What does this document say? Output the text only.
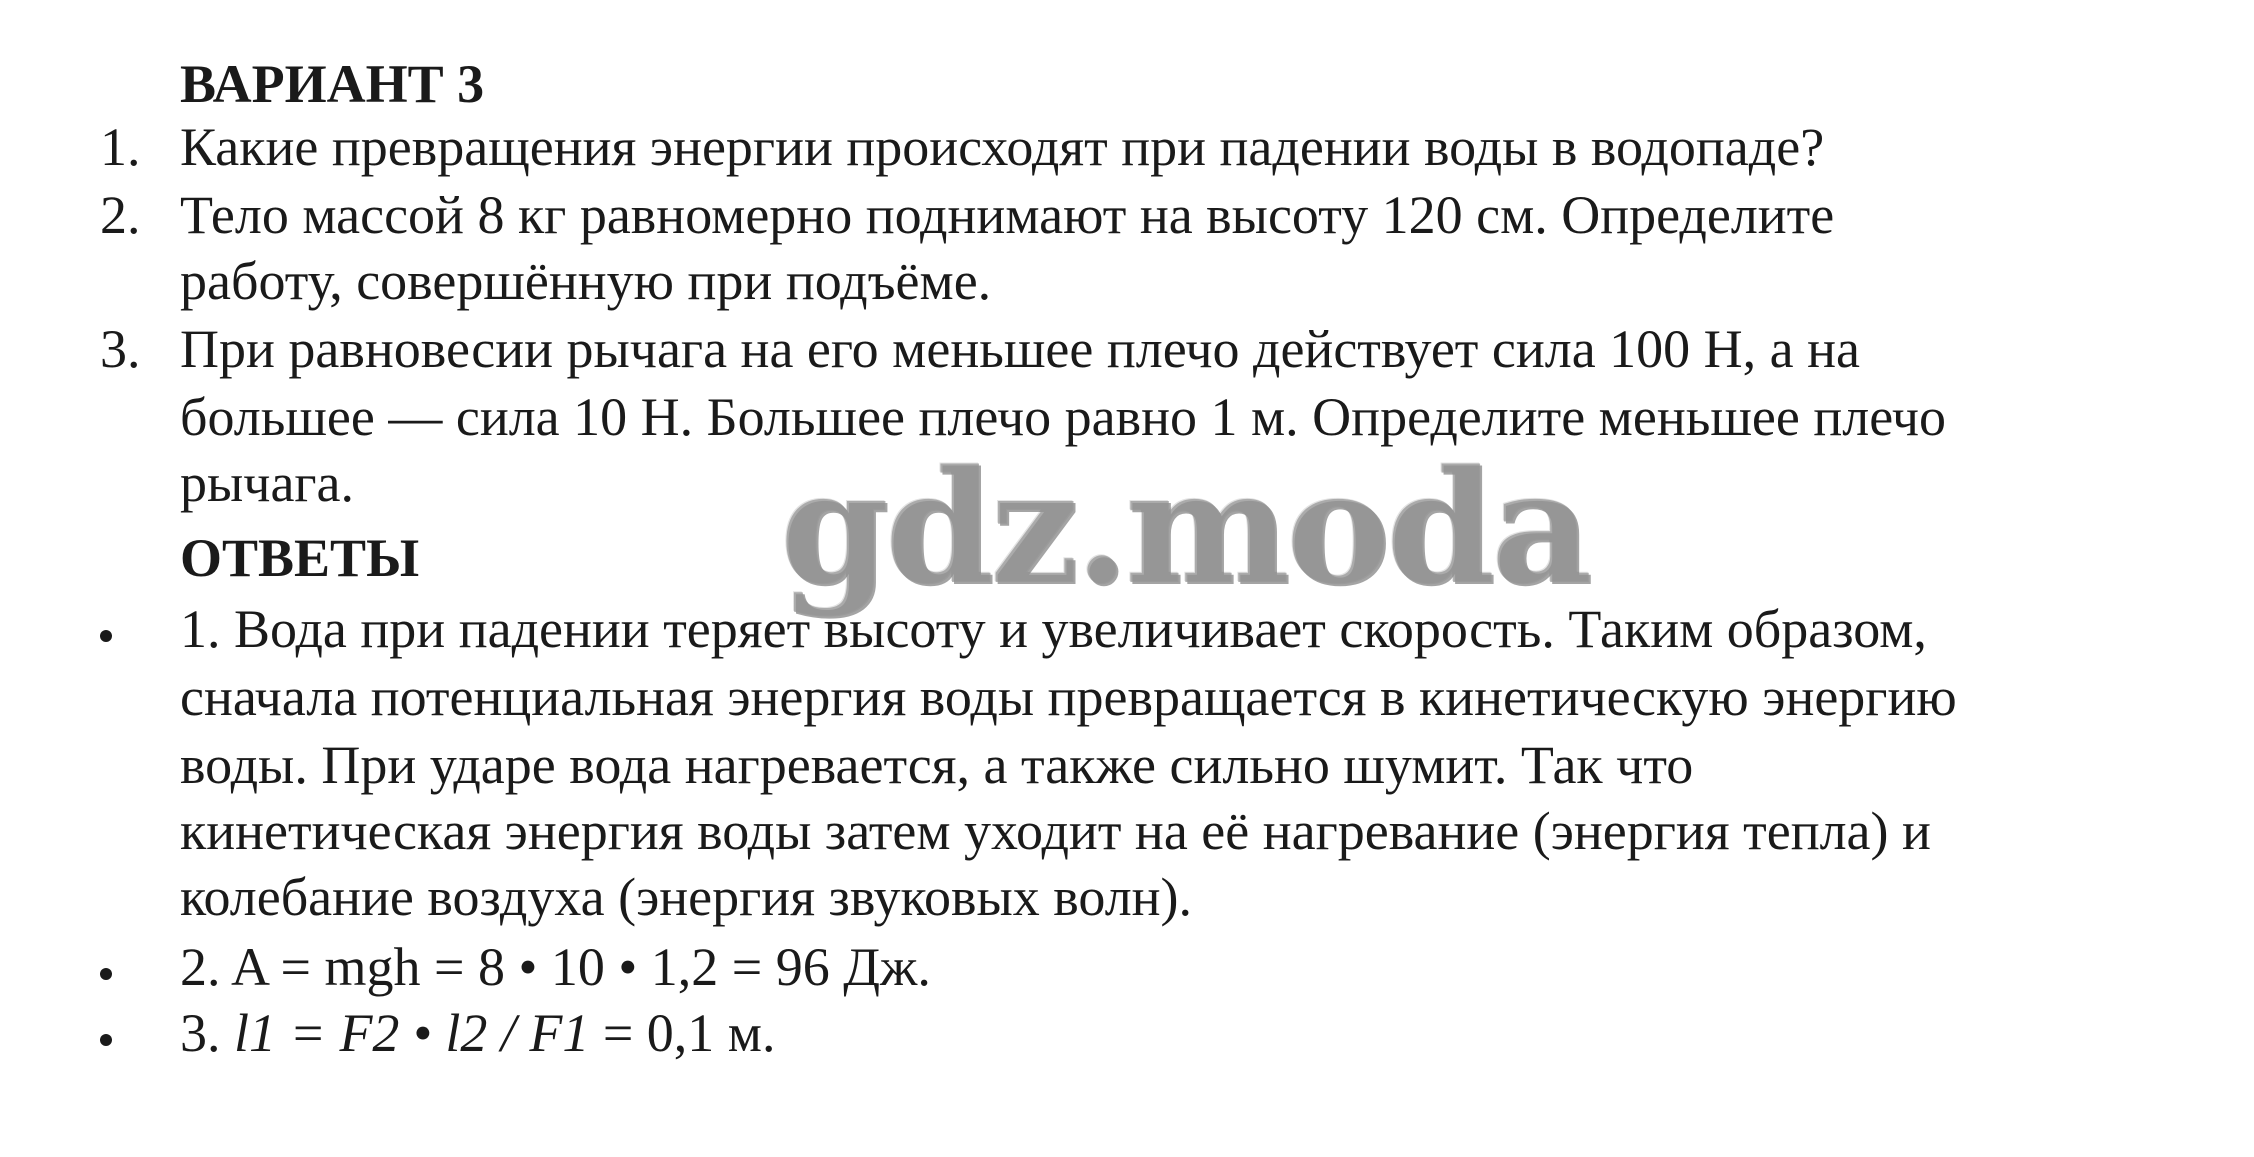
ВАРИАНТ 3
1. Какие превращения энергии происходят при падении воды в водопаде?
2. Тело массой 8 кг равномерно поднимают на высоту 120 см. Определите
работу, совершённую при подъёме.
3. При равновесии рычага на его меньшее плечо действует сила 100 Н, а на
большее — сила 10 Н. Большее плечо равно 1 м. Определите меньшее плечо
рычага.
ОТВЕТЫ
1. Вода при падении теряет высоту и увеличивает скорость. Таким образом,
сначала потенциальная энергия воды превращается в кинетическую энергию
воды. При ударе вода нагревается, а также сильно шумит. Так что
кинетическая энергия воды затем уходит на её нагревание (энергия тепла) и
колебание воздуха (энергия звуковых волн).
2. A = mgh = 8 • 10 • 1,2 = 96 Дж.
3. l1 = F2 • l2 / F1 = 0,1 м.
gdz.moda
